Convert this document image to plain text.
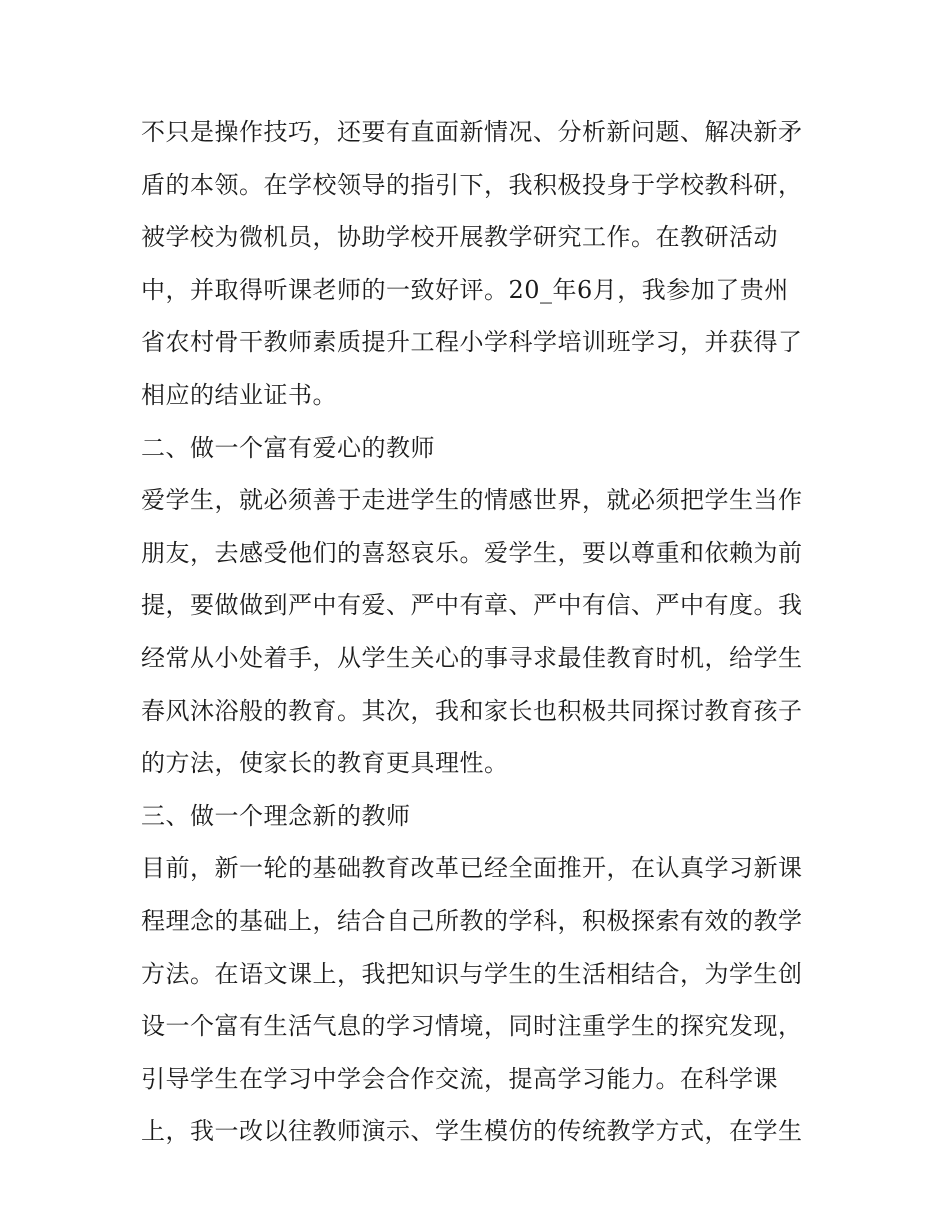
不只是操作技巧，还要有直面新情况、分析新问题、解决新矛
盾的本领。在学校领导的指引下，我积极投身于学校教科研，
被学校为微机员，协助学校开展教学研究工作。在教研活动
中，并取得听课老师的一致好评。20_年6月，我参加了贵州
省农村骨干教师素质提升工程小学科学培训班学习，并获得了
相应的结业证书。
二、做一个富有爱心的教师
爱学生，就必须善于走进学生的情感世界，就必须把学生当作
朋友，去感受他们的喜怒哀乐。爱学生，要以尊重和依赖为前
提，要做做到严中有爱、严中有章、严中有信、严中有度。我
经常从小处着手，从学生关心的事寻求最佳教育时机，给学生
春风沐浴般的教育。其次，我和家长也积极共同探讨教育孩子
的方法，使家长的教育更具理性。
三、做一个理念新的教师
目前，新一轮的基础教育改革已经全面推开，在认真学习新课
程理念的基础上，结合自己所教的学科，积极探索有效的教学
方法。在语文课上，我把知识与学生的生活相结合，为学生创
设一个富有生活气息的学习情境，同时注重学生的探究发现，
引导学生在学习中学会合作交流，提高学习能力。在科学课
上，我一改以往教师演示、学生模仿的传统教学方式，在学生
